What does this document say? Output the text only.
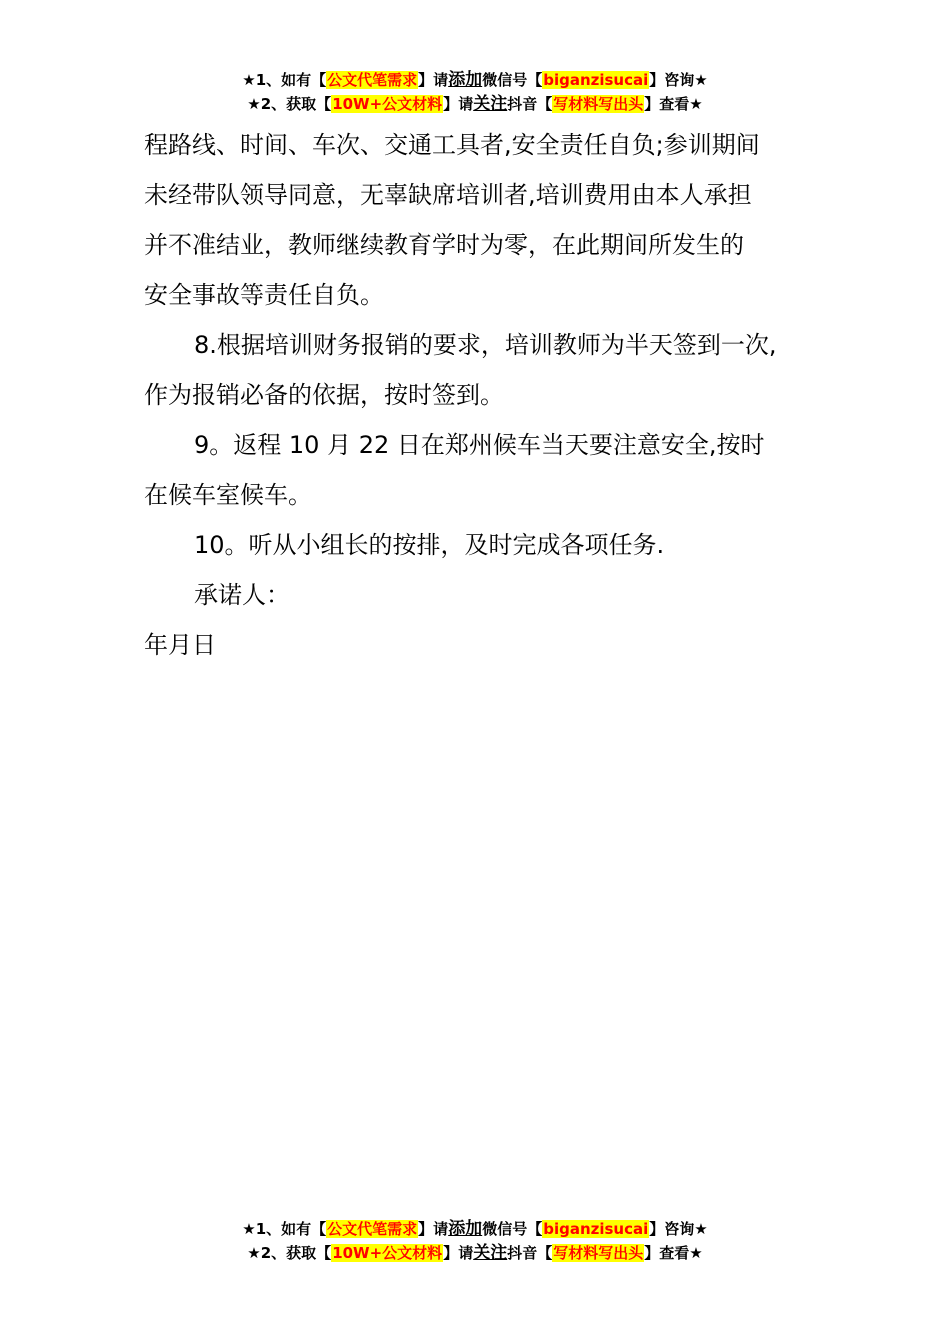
★1、如有【公文代笔需求】请添加微信号【biganzisucai】咨询★
★2、获取【10W+公文材料】请关注抖音【写材料写出头】查看★

程路线、时间、车次、交通工具者,安全责任自负;参训期间

未经带队领导同意，无辜缺席培训者,培训费用由本人承担

并不准结业，教师继续教育学时为零，在此期间所发生的

安全事故等责任自负。

8.根据培训财务报销的要求，培训教师为半天签到一次,

作为报销必备的依据，按时签到。

9。返程 10 月 22 日在郑州候车当天要注意安全,按时

在候车室候车。

10。听从小组长的按排，及时完成各项任务.

承诺人：

年月日

★1、如有【公文代笔需求】请添加微信号【biganzisucai】咨询★
★2、获取【10W+公文材料】请关注抖音【写材料写出头】查看★
